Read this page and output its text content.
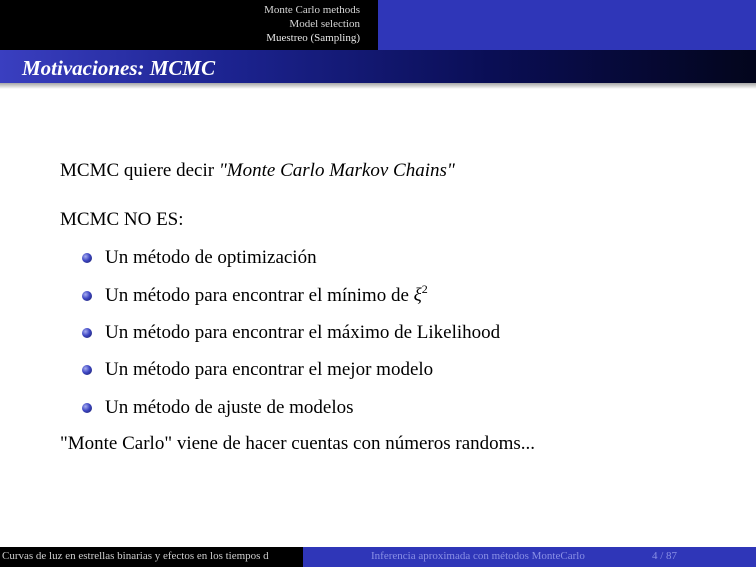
Monte Carlo methods
Model selection
Muestreo (Sampling)
Motivaciones: MCMC
MCMC quiere decir "Monte Carlo Markov Chains"
MCMC NO ES:
Un método de optimización
Un método para encontrar el mínimo de $\xi^2$
Un método para encontrar el máximo de Likelihood
Un método para encontrar el mejor modelo
Un método de ajuste de modelos
"Monte Carlo" viene de hacer cuentas con números randoms...
Curvas de luz en estrellas binarias y efectos en los tiempos d	Inferencia aproximada con métodos MonteCarlo	4 / 87
